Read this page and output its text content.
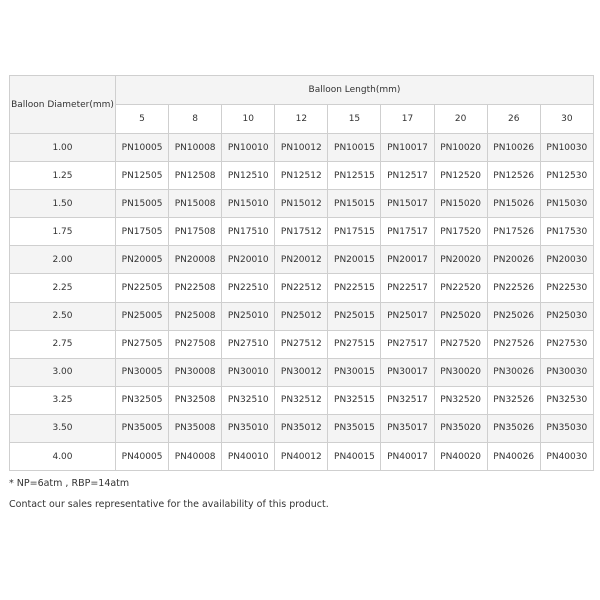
Balloon Diameter(mm)	Balloon Length(mm)								
	5	8	10	12	15	17	20	26	30
1.00	PN10005	PN10008	PN10010	PN10012	PN10015	PN10017	PN10020	PN10026	PN10030
1.25	PN12505	PN12508	PN12510	PN12512	PN12515	PN12517	PN12520	PN12526	PN12530
1.50	PN15005	PN15008	PN15010	PN15012	PN15015	PN15017	PN15020	PN15026	PN15030
1.75	PN17505	PN17508	PN17510	PN17512	PN17515	PN17517	PN17520	PN17526	PN17530
2.00	PN20005	PN20008	PN20010	PN20012	PN20015	PN20017	PN20020	PN20026	PN20030
2.25	PN22505	PN22508	PN22510	PN22512	PN22515	PN22517	PN22520	PN22526	PN22530
2.50	PN25005	PN25008	PN25010	PN25012	PN25015	PN25017	PN25020	PN25026	PN25030
2.75	PN27505	PN27508	PN27510	PN27512	PN27515	PN27517	PN27520	PN27526	PN27530
3.00	PN30005	PN30008	PN30010	PN30012	PN30015	PN30017	PN30020	PN30026	PN30030
3.25	PN32505	PN32508	PN32510	PN32512	PN32515	PN32517	PN32520	PN32526	PN32530
3.50	PN35005	PN35008	PN35010	PN35012	PN35015	PN35017	PN35020	PN35026	PN35030
4.00	PN40005	PN40008	PN40010	PN40012	PN40015	PN40017	PN40020	PN40026	PN40030
* NP=6atm , RBP=14atm
Contact our sales representative for the availability of this product.
